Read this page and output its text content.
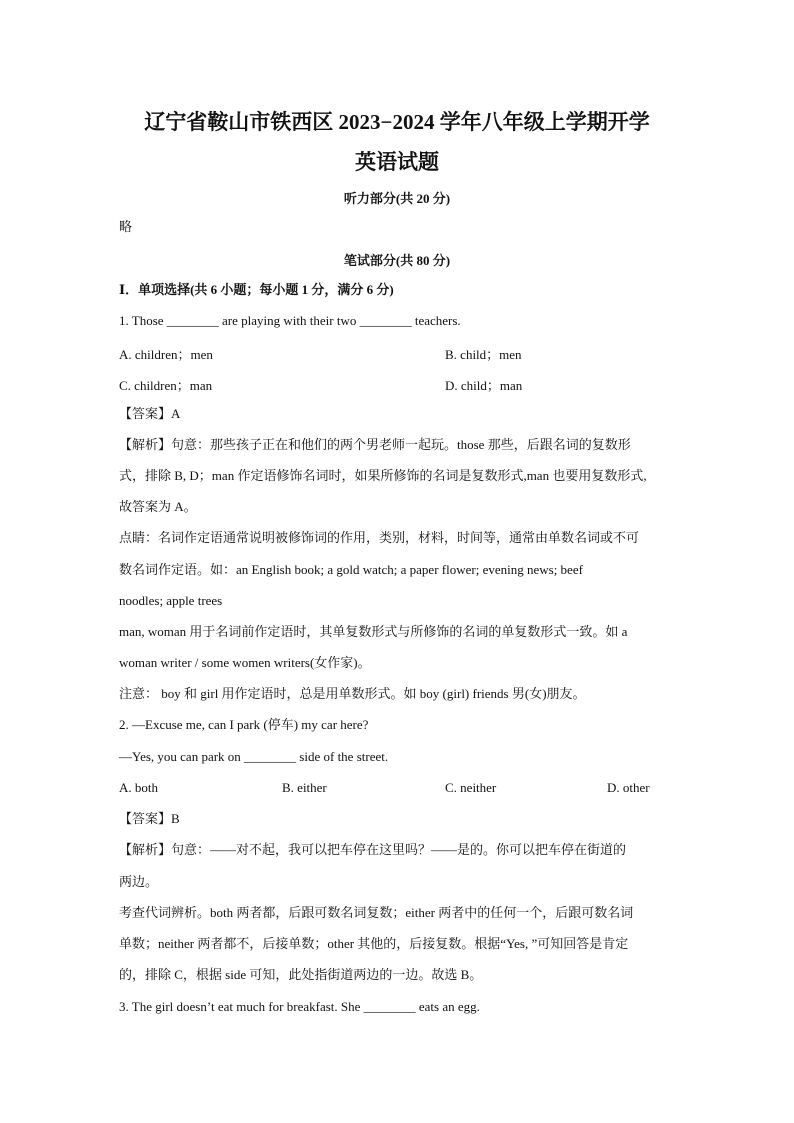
辽宁省鞍山市铁西区 2023−2024 学年八年级上学期开学
英语试题
听力部分(共 20 分)
略
笔试部分(共 80 分)
Ⅰ．单项选择(共 6 小题；每小题 1 分，满分 6 分)
1. Those ________ are playing with their two ________ teachers.
A. children；men	B. child；men
C. children；man	D. child；man
【答案】A
【解析】句意：那些孩子正在和他们的两个男老师一起玩。those 那些，后跟名词的复数形
式，排除 B, D；man 作定语修饰名词时，如果所修饰的名词是复数形式,man 也要用复数形式,
故答案为 A。
点睛：名词作定语通常说明被修饰词的作用，类别，材料，时间等，通常由单数名词或不可
数名词作定语。如：an English book; a gold watch; a paper flower; evening news; beef
noodles; apple trees
man, woman 用于名词前作定语时，其单复数形式与所修饰的名词的单复数形式一致。如 a
woman writer / some women writers(女作家)。
注意： boy 和 girl 用作定语时，总是用单数形式。如 boy (girl) friends 男(女)朋友。
2. —Excuse me, can I park (停车) my car here?
—Yes, you can park on ________ side of the street.
A. both	B. either	C. neither	D. other
【答案】B
【解析】句意：——对不起，我可以把车停在这里吗？——是的。你可以把车停在街道的
两边。
考查代词辨析。both 两者都，后跟可数名词复数；either 两者中的任何一个，后跟可数名词
单数；neither 两者都不，后接单数；other 其他的，后接复数。根据“Yes, ”可知回答是肯定
的，排除 C，根据 side 可知，此处指街道两边的一边。故选 B。
3. The girl doesn’t eat much for breakfast. She ________ eats an egg.
